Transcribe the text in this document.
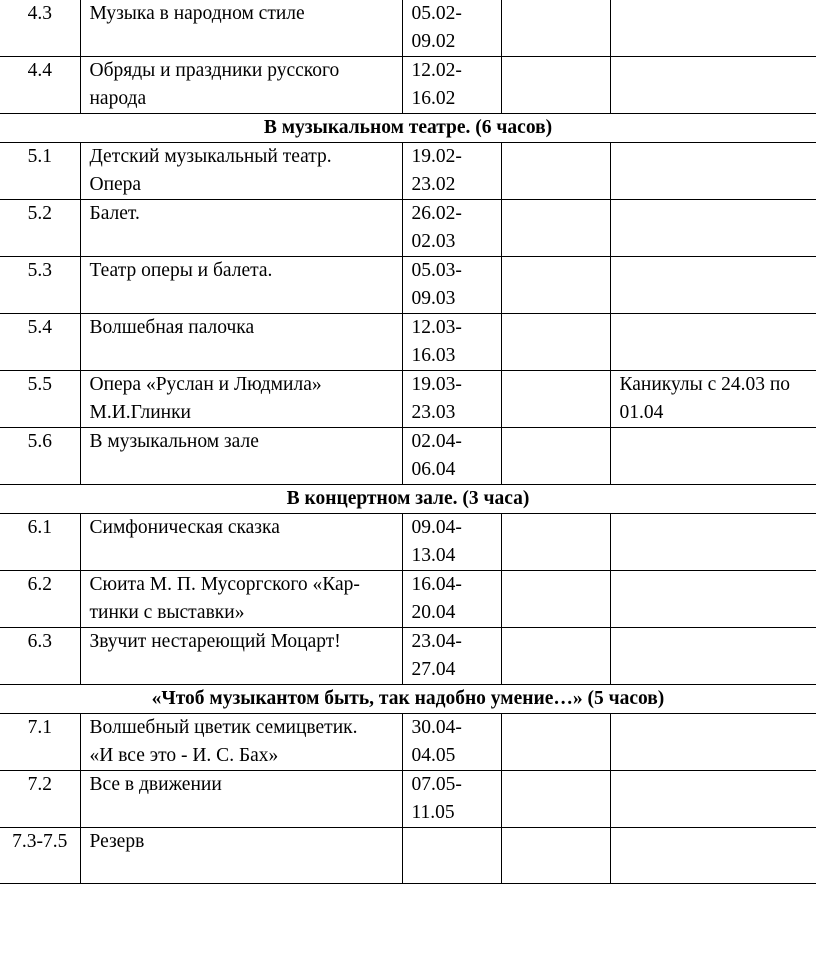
4.3	Музыка в народном стиле	05.02-
09.02		
4.4	Обряды и праздники русского
народа	12.02-
16.02		
В музыкальном театре. (6 часов)				
5.1	Детский музыкальный театр.
Опера	19.02-
23.02		
5.2	Балет.	26.02-
02.03		
5.3	Театр оперы и балета.	05.03-
09.03		
5.4	Волшебная палочка	12.03-
16.03		
5.5	Опера «Руслан и Людмила»
М.И.Глинки	19.03-
23.03		Каникулы с 24.03 по
01.04
5.6	В музыкальном зале	02.04-
06.04		
В концертном зале. (3 часа)				
6.1	Симфоническая сказка	09.04-
13.04		
6.2	Сюита М. П. Мусоргского «Кар-
тинки с выставки»	16.04-
20.04		
6.3	Звучит нестареющий Моцарт!	23.04-
27.04		
«Чтоб музыкантом быть, так надобно умение…» (5 часов)				
7.1	Волшебный цветик семицветик.
«И все это - И. С. Бах»	30.04-
04.05		
7.2	Все в движении	07.05-
11.05		
7.3-7.5	Резерв			
